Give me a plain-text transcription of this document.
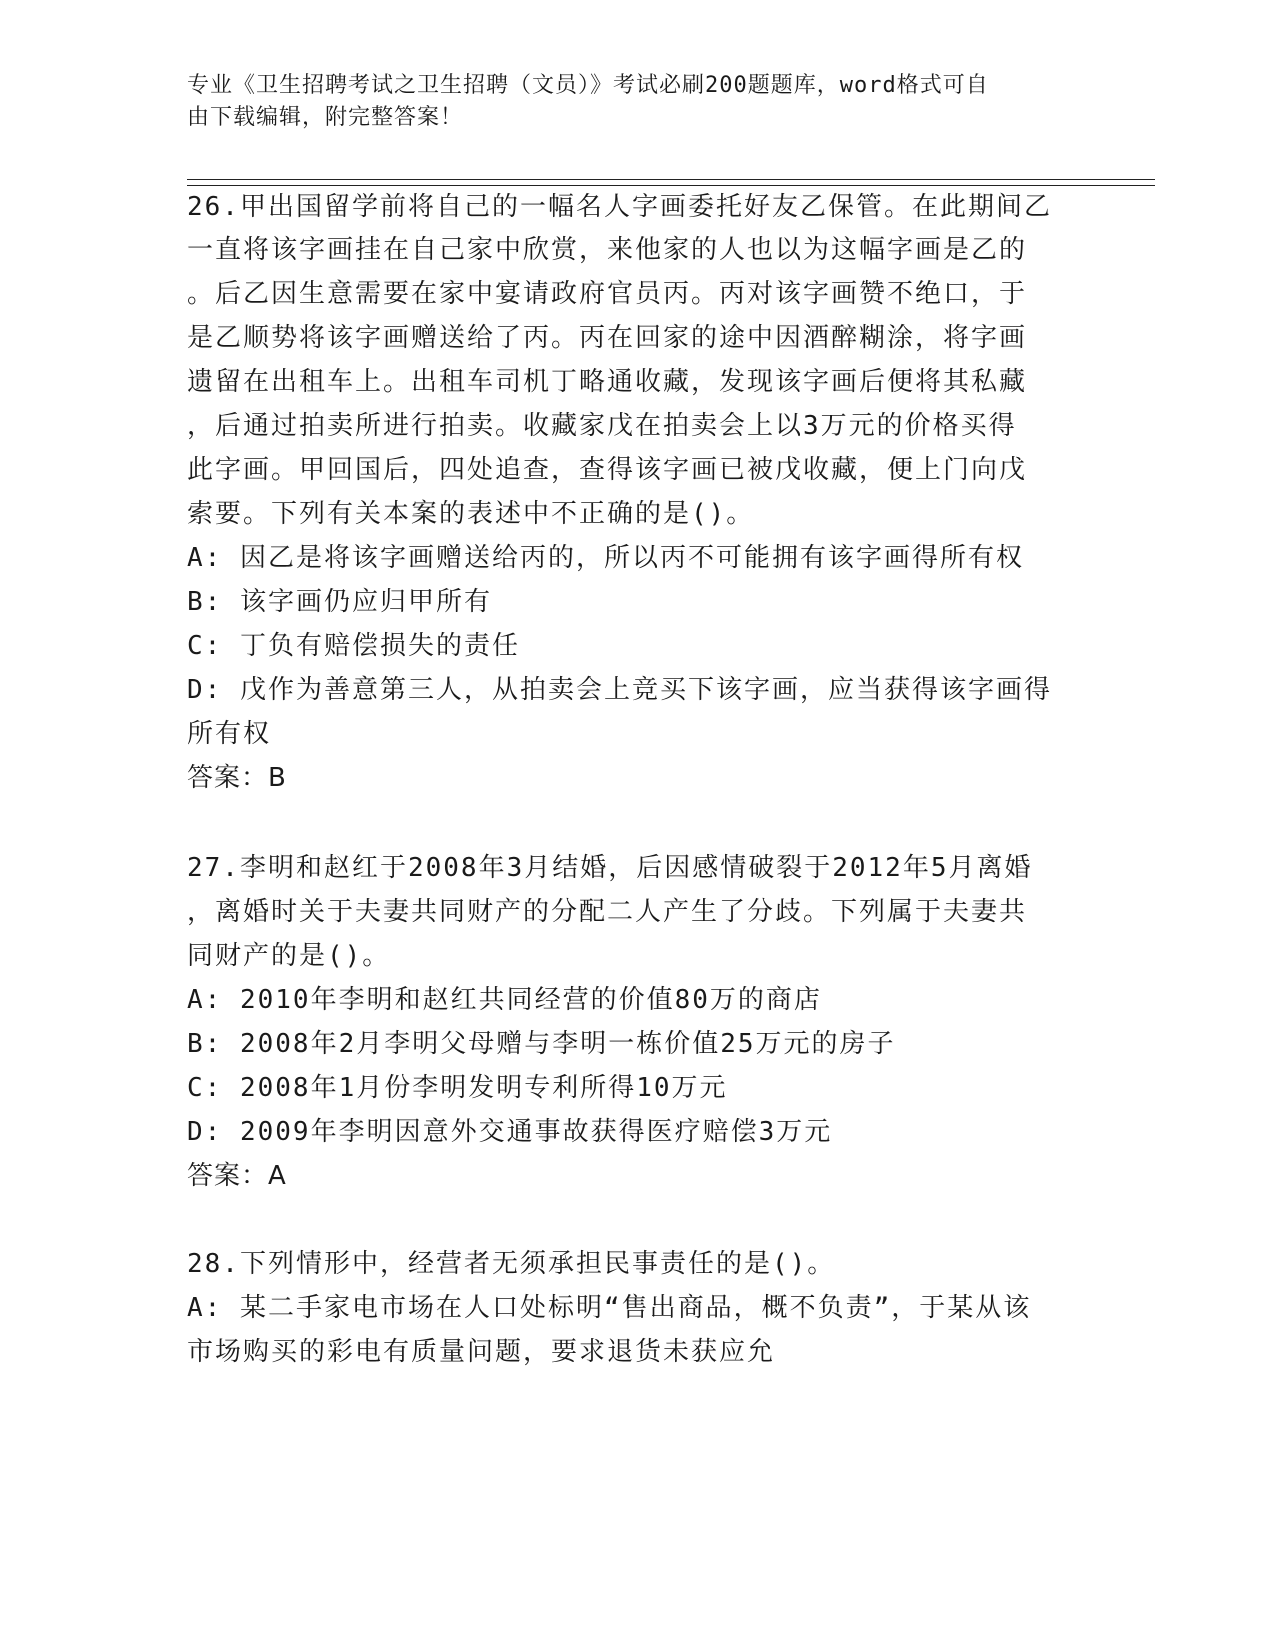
专业《卫生招聘考试之卫生招聘（文员）》考试必刷200题题库，word格式可自
由下载编辑，附完整答案！
26.甲出国留学前将自己的一幅名人字画委托好友乙保管。在此期间乙
一直将该字画挂在自己家中欣赏，来他家的人也以为这幅字画是乙的
。后乙因生意需要在家中宴请政府官员丙。丙对该字画赞不绝口，于
是乙顺势将该字画赠送给了丙。丙在回家的途中因酒醉糊涂，将字画
遗留在出租车上。出租车司机丁略通收藏，发现该字画后便将其私藏
，后通过拍卖所进行拍卖。收藏家戊在拍卖会上以3万元的价格买得
此字画。甲回国后，四处追查，查得该字画已被戊收藏，便上门向戊
索要。下列有关本案的表述中不正确的是()。
A: 因乙是将该字画赠送给丙的，所以丙不可能拥有该字画得所有权
B: 该字画仍应归甲所有
C: 丁负有赔偿损失的责任
D: 戊作为善意第三人，从拍卖会上竞买下该字画，应当获得该字画得
所有权
答案：B
27.李明和赵红于2008年3月结婚，后因感情破裂于2012年5月离婚
，离婚时关于夫妻共同财产的分配二人产生了分歧。下列属于夫妻共
同财产的是()。
A: 2010年李明和赵红共同经营的价值80万的商店
B: 2008年2月李明父母赠与李明一栋价值25万元的房子
C: 2008年1月份李明发明专利所得10万元
D: 2009年李明因意外交通事故获得医疗赔偿3万元
答案：A
28.下列情形中，经营者无须承担民事责任的是()。
A: 某二手家电市场在人口处标明“售出商品，概不负责”，于某从该
市场购买的彩电有质量问题，要求退货未获应允
